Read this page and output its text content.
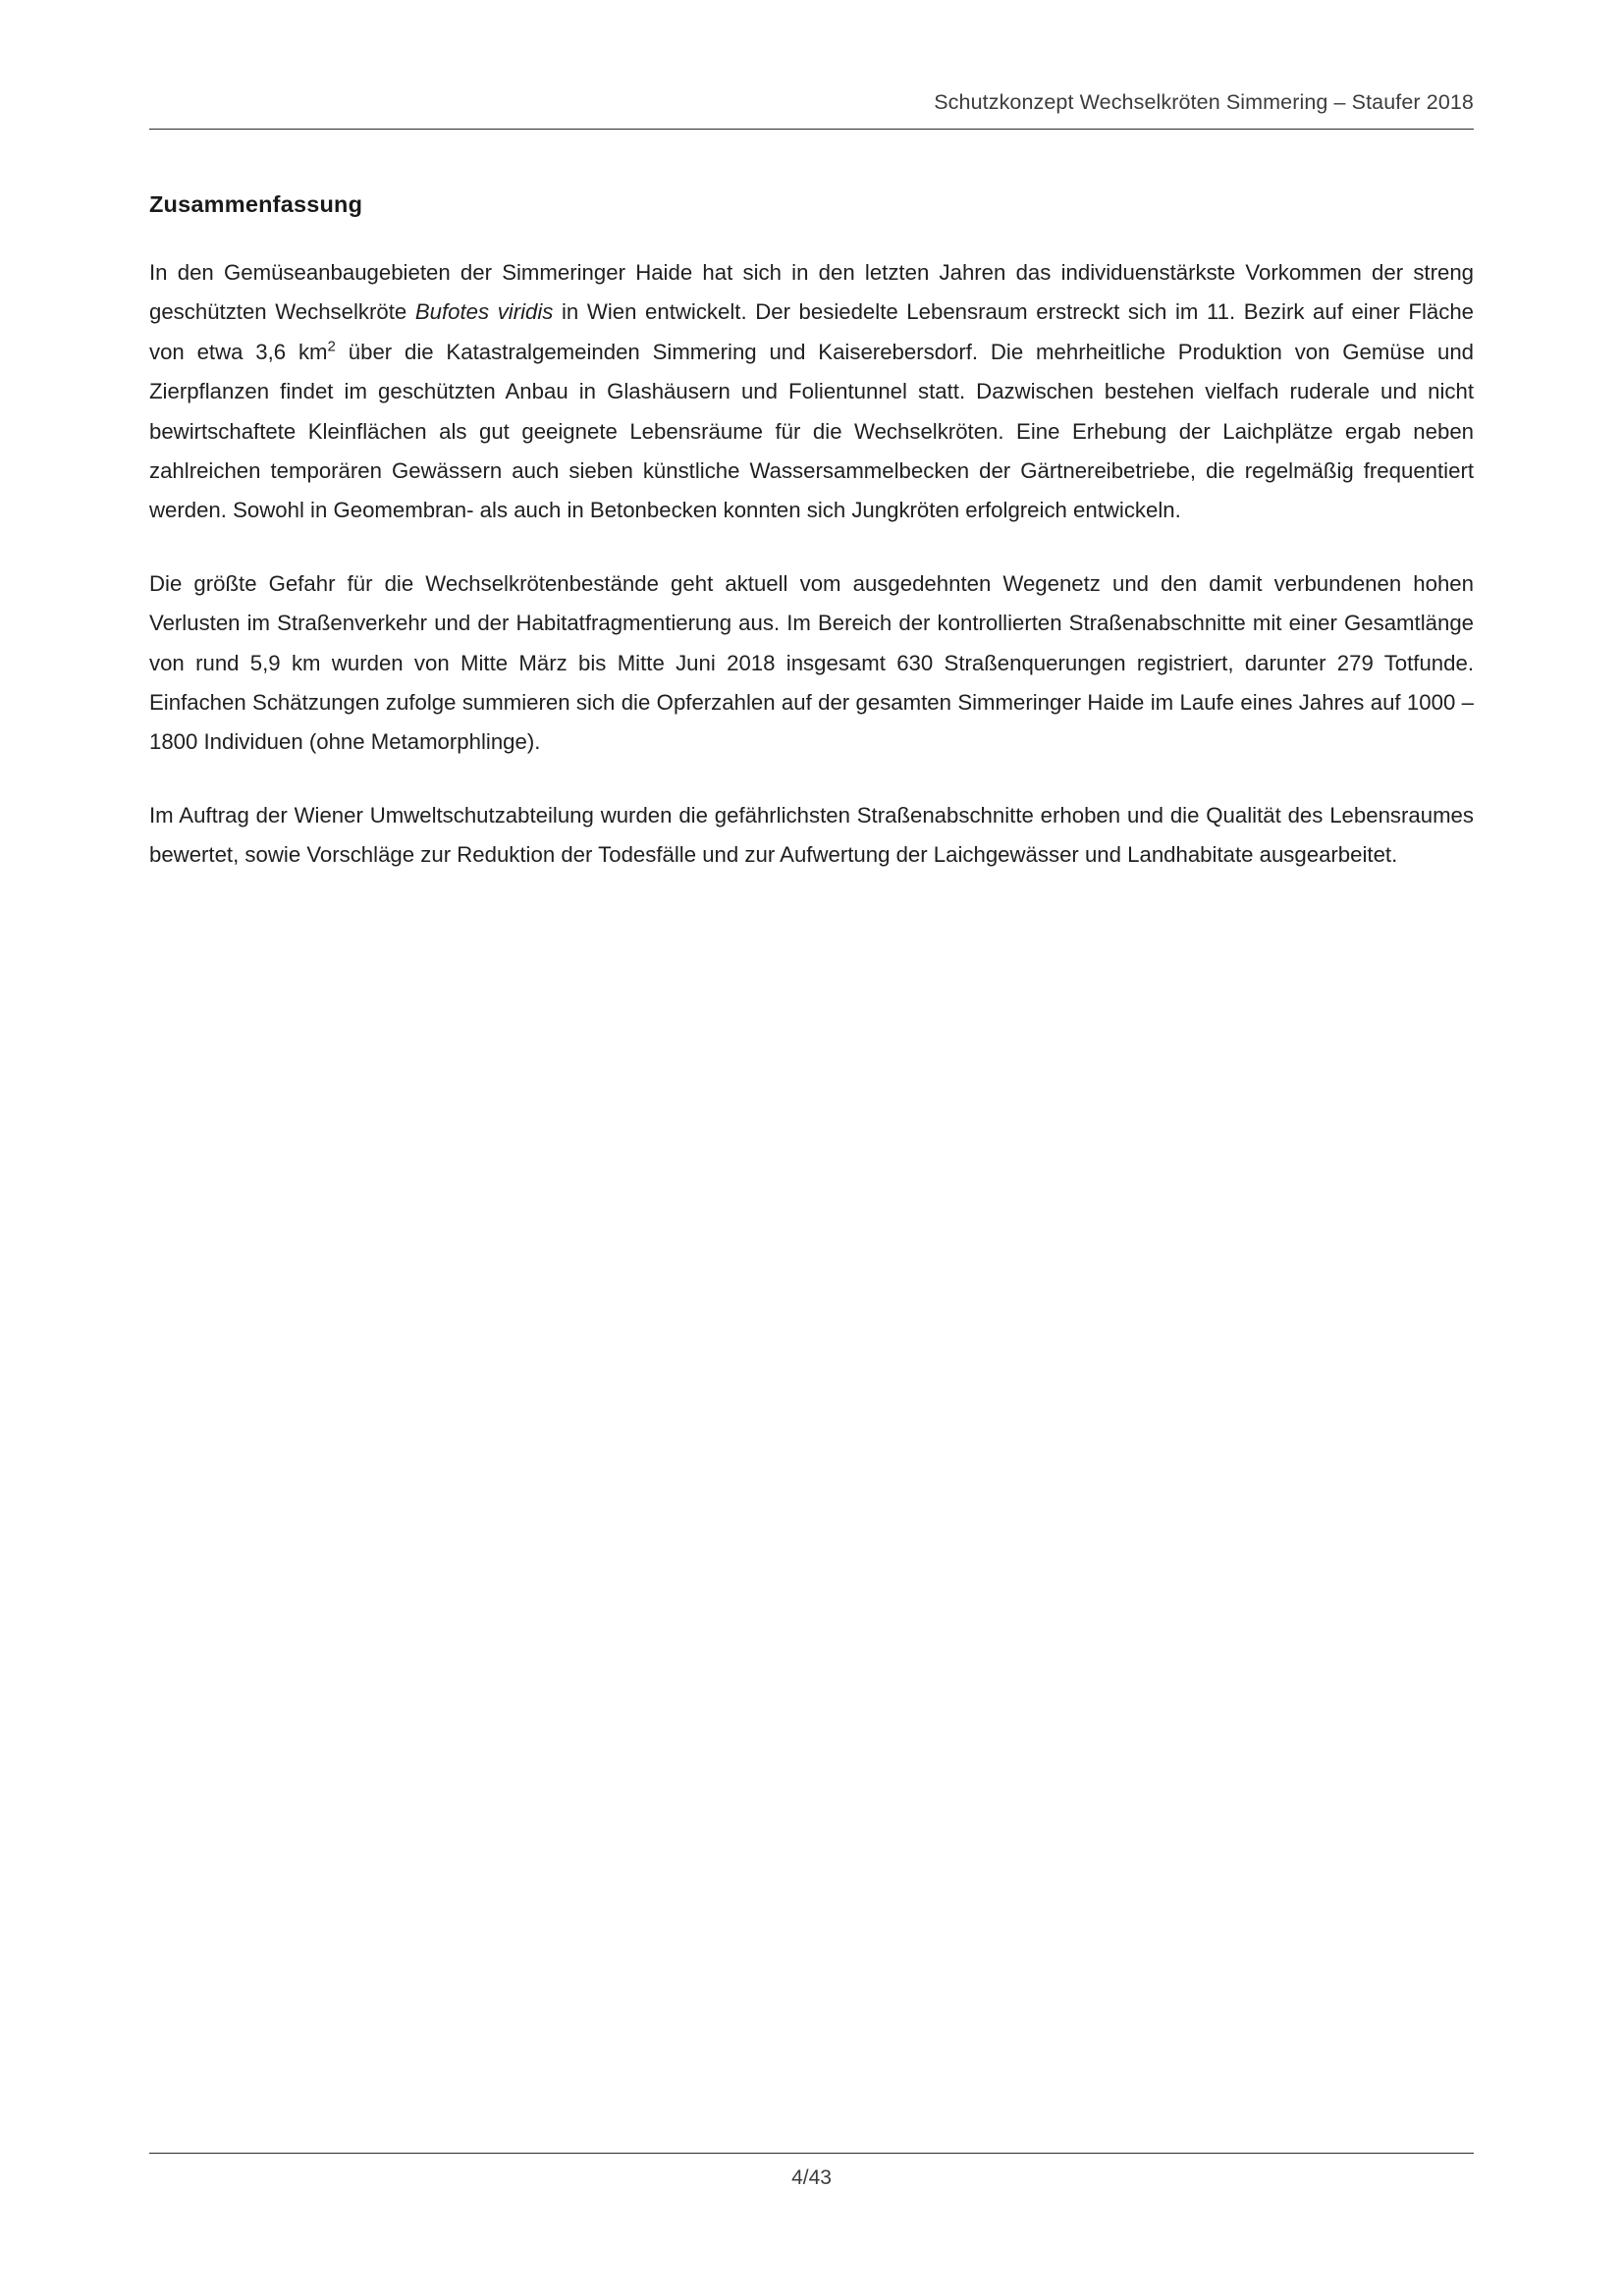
Schutzkonzept Wechselkröten Simmering – Staufer 2018
Zusammenfassung

In den Gemüseanbaugebieten der Simmeringer Haide hat sich in den letzten Jahren das individuenstärkste Vorkommen der streng geschützten Wechselkröte Bufotes viridis in Wien entwickelt. Der besiedelte Lebensraum erstreckt sich im 11. Bezirk auf einer Fläche von etwa 3,6 $km^2$ über die Katastralgemeinden Simmering und Kaiserebersdorf. Die mehrheitliche Produktion von Gemüse und Zierpflanzen findet im geschützten Anbau in Glashäusern und Folientunnel statt. Dazwischen bestehen vielfach ruderale und nicht bewirtschaftete Kleinflächen als gut geeignete Lebensräume für die Wechselkröten. Eine Erhebung der Laichplätze ergab neben zahlreichen temporären Gewässern auch sieben künstliche Wassersammelbecken der Gärtnereibetriebe, die regelmäßig frequentiert werden. Sowohl in Geomembran- als auch in Betonbecken konnten sich Jungkröten erfolgreich entwickeln.

Die größte Gefahr für die Wechselkrötenbestände geht aktuell vom ausgedehnten Wegenetz und den damit verbundenen hohen Verlusten im Straßenverkehr und der Habitatfragmentierung aus. Im Bereich der kontrollierten Straßenabschnitte mit einer Gesamtlänge von rund 5,9 km wurden von Mitte März bis Mitte Juni 2018 insgesamt 630 Straßenquerungen registriert, darunter 279 Totfunde. Einfachen Schätzungen zufolge summieren sich die Opferzahlen auf der gesamten Simmeringer Haide im Laufe eines Jahres auf 1000 – 1800 Individuen (ohne Metamorphlinge).

Im Auftrag der Wiener Umweltschutzabteilung wurden die gefährlichsten Straßenabschnitte erhoben und die Qualität des Lebensraumes bewertet, sowie Vorschläge zur Reduktion der Todesfälle und zur Aufwertung der Laichgewässer und Landhabitate ausgearbeitet.

4/43
